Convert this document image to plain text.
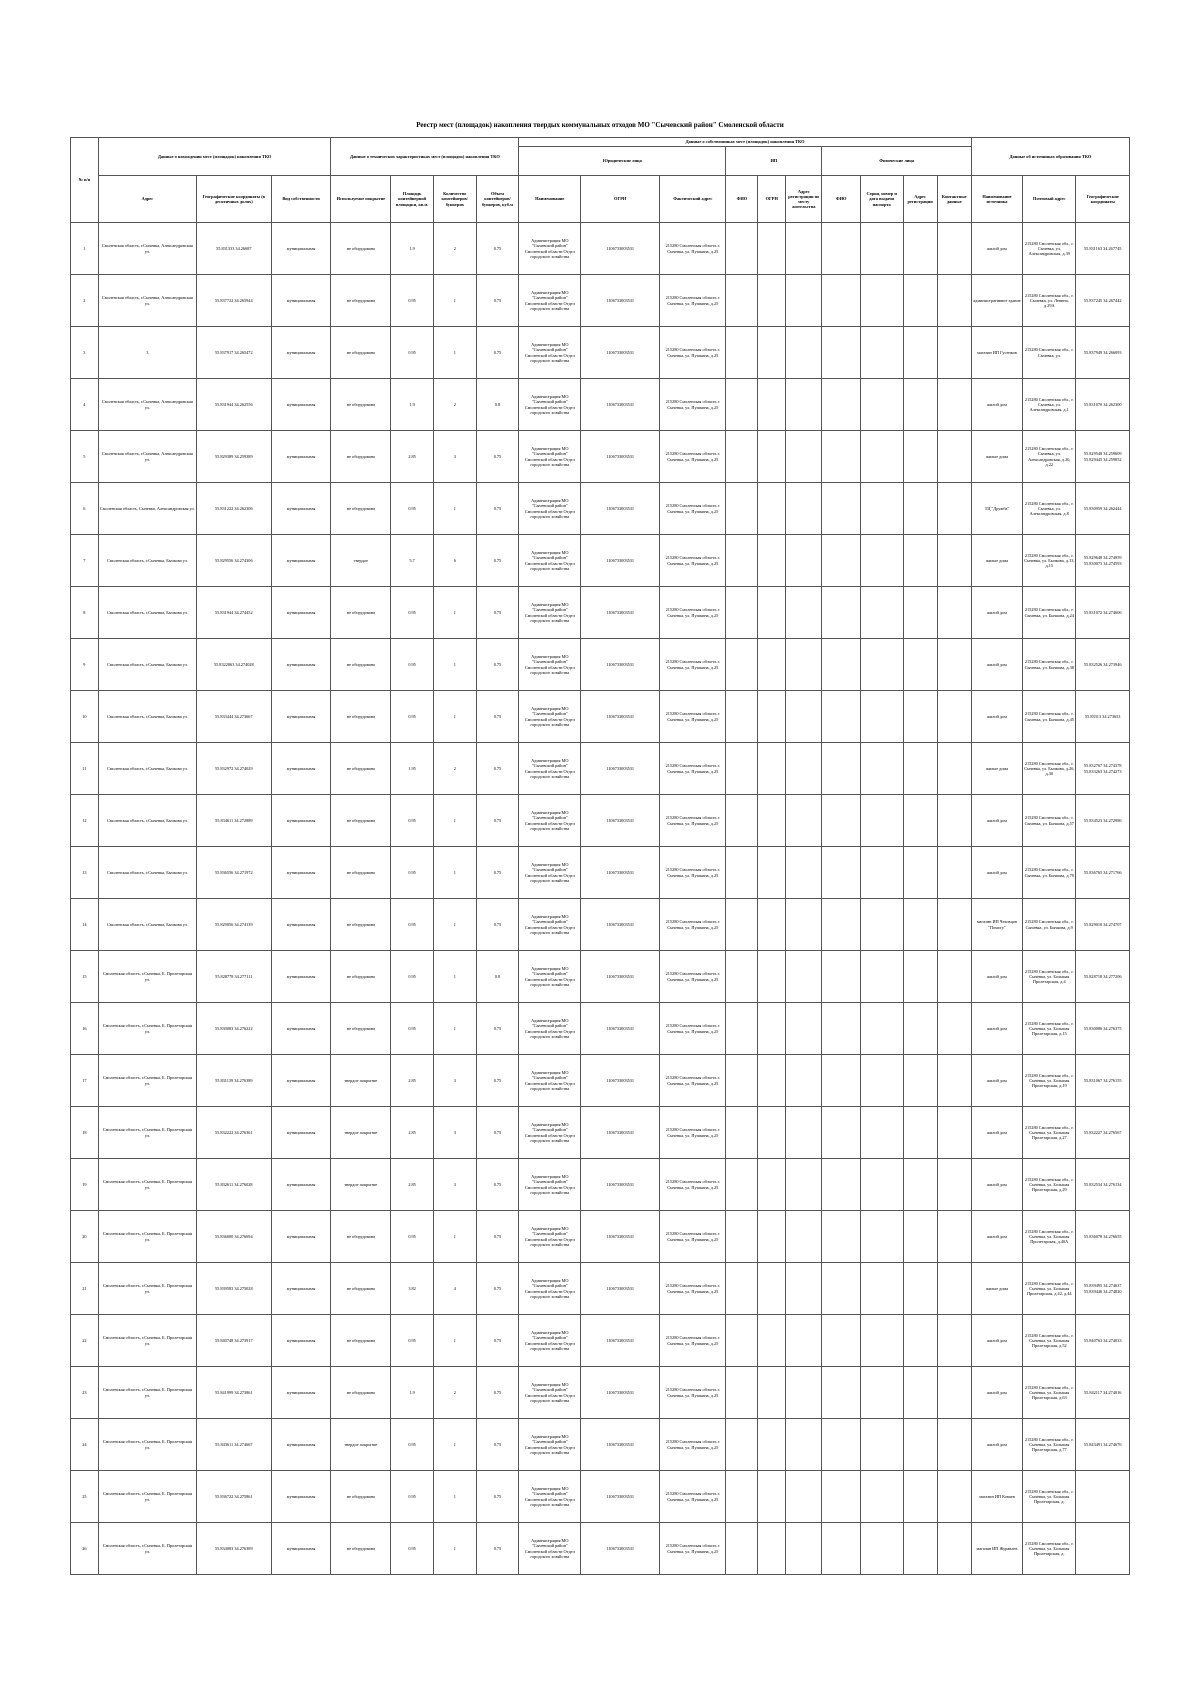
Реестр мест (площадок) накопления твердых коммунальных отходов МО "Сычевский район" Смоленской области
№ п/п	Данные о нахождении мест (площадок) накопления ТКО			Данные о технических характеристиках мест (площадок) накопления ТКО				Данные о собственниках мест (площадок) накопления ТКО										Данные об источниках образования ТКО		
								Юридические лица			ИП			Физические лица						
	Адрес	Географические координаты (в десятичных долях)	Вид собственности	Используемое покрытие	Площадь контейнерной площадки, кв.м.	Количество контейнеров/бункеров	Объем контейнеров/бункеров, куб.м	Наименование	ОГРН	Фактический адрес	ФИО	ОГРН	Адрес регистрации по месту жительства	ФИО	Серия, номер и дата выдачи паспорта	Адрес регистрации	Контактные данные	Наименование источника	Почтовый адрес	Географические координаты
1	Смоленская область, г.Сычевка, Александровская ул.	55.831333 34.26687	муниципальная	не оборудована	1.9	2	0.75	Администрация МО "Сычевский район" Смоленской области Отдел городского хозяйства	1106733003531	215280 Смоленская область г. Сычевка, ул. Пушкина, д.25								жилой дом	215280 Смоленская обл., г. Сычевка, ул. Александровская, д.39	55.831163 34.267745
2	Смоленская область, г.Сычевка, Александровская ул.	55.837722 34.265944	муниципальная	не оборудована	0.95	1	0.75	Администрация МО "Сычевский район" Смоленской области Отдел городского хозяйства	1106733003531	215280 Смоленская область г. Сычевка, ул. Пушкина, д.25								административное здание	215280 Смоленская обл., г. Сычевка, ул. Ленина, д.29А	55.837245 34.267442
3	3	55.837917 34.265472	муниципальная	не оборудована	0.95	1	0.75	Администрация МО "Сычевский район" Смоленской области Отдел городского хозяйства	1106733003531	215280 Смоленская область г. Сычевка, ул. Пушкина, д.25								магазин ИП Гусенков	215280 Смоленская обл., г. Сычевка, ул.	55.837949 34.266093
4	Смоленская область, г.Сычевка, Александровская ул.	55.831944 34.262556	муниципальная	не оборудована	1.9	2	0.8	Администрация МО "Сычевский район" Смоленской области Отдел городского хозяйства	1106733003531	215280 Смоленская область г. Сычевка, ул. Пушкина, д.25								жилой дом	215280 Смоленская обл., г. Сычевка, ул. Александровская, д.1	55.831070 34.262300
5	Смоленская область, г.Сычевка, Александровская ул.	55.829389 34.259389	муниципальная	не оборудована	2.85	3	0.75	Администрация МО "Сычевский район" Смоленской области Отдел городского хозяйства	1106733003531	215280 Смоленская область г. Сычевка, ул. Пушкина, д.25								жилые дома	215280 Смоленская обл., г. Сычевка, ул. Александровская, д.20, д.22	55.829548 34.259609 55.829445 34.259852
6	Смоленская область, Сычевка, Александровская ул.	55.831222 34.262306	муниципальная	не оборудована	0.95	1	0.75	Администрация МО "Сычевский район" Смоленской области Отдел городского хозяйства	1106733003531	215280 Смоленская область г. Сычевка, ул. Пушкина, д.25								ТЦ "Дружба"	215280 Смоленская обл., г. Сычевка, ул. Александровская, д.8	55.830959 34.262444
7	Смоленская область, г.Сычевка, Бычкова ул.	55.829556 34.274306	муниципальная	твердое	5.7	6	0.75	Администрация МО "Сычевский район" Смоленской области Отдел городского хозяйства	1106733003531	215280 Смоленская область г. Сычевка, ул. Пушкина, д.25								жилые дома	215280 Смоленская обл., г. Сычевка, ул. Бычкова, д.13, д.15	55.829648 34.274959 55.830073 34.274593
8	Смоленская область, г.Сычевка, Бычкова ул.	55.831944 34.274452	муниципальная	не оборудована	0.95	1	0.75	Администрация МО "Сычевский район" Смоленской области Отдел городского хозяйства	1106733003531	215280 Смоленская область г. Сычевка, ул. Пушкина, д.25								жилой дом	215280 Смоленская обл., г. Сычевка, ул. Бычкова, д.24	55.831072 34.274606
9	Смоленская область, г.Сычевка, Бычкова ул.	55.8322063 34.274028	муниципальная	не оборудована	0.95	1	0.75	Администрация МО "Сычевский район" Смоленской области Отдел городского хозяйства	1106733003531	215280 Смоленская область г. Сычевка, ул. Пушкина, д.25								жилой дом	215280 Смоленская обл., г. Сычевка, ул. Бычкова, д.38	55.832526 34.273946
10	Смоленская область, г.Сычевка, Бычкова ул.	55.833444 34.273667	муниципальная	не оборудована	0.95	1	0.75	Администрация МО "Сычевский район" Смоленской области Отдел городского хозяйства	1106733003531	215280 Смоленская область г. Сычевка, ул. Пушкина, д.25								жилой дом	215280 Смоленская обл., г. Сычевка, ул. Бычкова, д.45	55.83313 34.273653
11	Смоленская область, г.Сычевка, Бычкова ул.	55.832972 34.274029	муниципальная	не оборудована	1.95	2	0.75	Администрация МО "Сычевский район" Смоленской области Отдел городского хозяйства	1106733003531	215280 Смоленская область г. Сычевка, ул. Пушкина, д.25								жилые дома	215280 Смоленская обл., г. Сычевка, ул. Бычкова, д.26, д.30	55.832767 34.274378 55.833263 34.274273
12	Смоленская область, г.Сычевка, Бычкова ул.	55.834611 34.272889	муниципальная	не оборудована	0.95	1	0.75	Администрация МО "Сычевский район" Смоленской области Отдел городского хозяйства	1106733003531	215280 Смоленская область г. Сычевка, ул. Пушкина, д.25								жилой дом	215280 Смоленская обл., г. Сычевка, ул. Бычкова, д.57	55.834523 34.272986
13	Смоленская область, г.Сычевка, Бычкова ул.	55.836556 34.271972	муниципальная	не оборудована	0.95	1	0.75	Администрация МО "Сычевский район" Смоленской области Отдел городского хозяйства	1106733003531	215280 Смоленская область г. Сычевка, ул. Пушкина, д.25								жилой дом	215280 Смоленская обл., г. Сычевка, ул. Бычкова, д.79	55.836765 34.271766
14	Смоленская область, г.Сычевка, Бычкова ул.	55.829056 34.274139	муниципальная	не оборудована	0.95	1	0.75	Администрация МО "Сычевский район" Смоленской области Отдел городского хозяйства	1106733003531	215280 Смоленская область г. Сычевка, ул. Пушкина, д.25								магазин ИП Чеховцов "Помогу"	215280 Смоленская обл., г. Сычевка, ул. Бычкова, д.9	55.829010 34.274707
15	Смоленская область, г.Сычевка, Б. Пролетарская ул.	55.828778 34.277111	муниципальная	не оборудована	0.95	1	0.8	Администрация МО "Сычевский район" Смоленской области Отдел городского хозяйства	1106733003531	215280 Смоленская область г. Сычевка, ул. Пушкина, д.25								жилой дом	215280 Смоленская обл., г. Сычевка, ул. Большая Пролетарская, д.4	55.828718 34.277206
16	Смоленская область, г.Сычевка, Б. Пролетарская ул.	55.830083 34.276222	муниципальная	не оборудована	0.95	1	0.75	Администрация МО "Сычевский район" Смоленской области Отдел городского хозяйства	1106733003531	215280 Смоленская область г. Сычевка, ул. Пушкина, д.25								жилой дом	215280 Смоленская обл., г. Сычевка, ул. Большая Пролетарская, д.15	55.830086 34.276375
17	Смоленская область, г.Сычевка, Б. Пролетарская ул.	55.831139 34.276389	муниципальная	твердое покрытие	2.85	3	0.75	Администрация МО "Сычевский район" Смоленской области Отдел городского хозяйства	1106733003531	215280 Смоленская область г. Сычевка, ул. Пушкина, д.25								жилой дом	215280 Смоленская обл., г. Сычевка, ул. Большая Пролетарская, д.19	55.831067 34.276155
18	Смоленская область, г.Сычевка, Б. Пролетарская ул.	55.832222 34.276361	муниципальная	твердое покрытие	2.85	3	0.75	Администрация МО "Сычевский район" Смоленской области Отдел городского хозяйства	1106733003531	215280 Смоленская область г. Сычевка, ул. Пушкина, д.25								жилой дом	215280 Смоленская обл., г. Сычевка, ул. Большая Пролетарская, д.27	55.832227 34.276567
19	Смоленская область, г.Сычевка, Б. Пролетарская ул.	55.832611 34.276028	муниципальная	твердое покрытие	2.85	3	0.75	Администрация МО "Сычевский район" Смоленской области Отдел городского хозяйства	1106733003531	215280 Смоленская область г. Сычевка, ул. Пушкина, д.25								жилой дом	215280 Смоленская обл., г. Сычевка, ул. Большая Пролетарская, д.29	55.832534 34.276134
20	Смоленская область, г.Сычевка, Б. Пролетарская ул.	55.836000 34.276694	муниципальная	не оборудована	0.95	1	0.75	Администрация МО "Сычевский район" Смоленской области Отдел городского хозяйства	1106733003531	215280 Смоленская область г. Сычевка, ул. Пушкина, д.25								жилой дом	215280 Смоленская обл., г. Сычевка, ул. Большая Пролетарская, д.40А	55.836078 34.276655
21	Смоленская область, г.Сычевка, Б. Пролетарская ул.	55.839583 34.275028	муниципальная	не оборудована	3.82	4	0.75	Администрация МО "Сычевский район" Смоленской области Отдел городского хозяйства	1106733003531	215280 Смоленская область г. Сычевка, ул. Пушкина, д.25								жилые дома	215280 Смоленская обл., г. Сычевка, ул. Большая Пролетарская, д.42, д.44	55.839495 34.274637 55.839446 34.274820
22	Смоленская область, г.Сычевка, Б. Пролетарская ул.	55.840748 34.273917	муниципальная	не оборудована	0.95	1	0.75	Администрация МО "Сычевский район" Смоленской области Отдел городского хозяйства	1106733003531	215280 Смоленская область г. Сычевка, ул. Пушкина, д.25								жилой дом	215280 Смоленская обл., г. Сычевка, ул. Большая Пролетарская, д.52	55.840763 34.274033
23	Смоленская область, г.Сычевка, Б. Пролетарская ул.	55.841999 34.273861	муниципальная	не оборудована	1.9	2	0.75	Администрация МО "Сычевский район" Смоленской области Отдел городского хозяйства	1106733003531	215280 Смоленская область г. Сычевка, ул. Пушкина, д.25								жилой дом	215280 Смоленская обл., г. Сычевка, ул. Большая Пролетарская, д.63	55.842117 34.274016
24	Смоленская область, г.Сычевка, Б. Пролетарская ул.	55.843611 34.274667	муниципальная	твердое покрытие	0.95	1	0.75	Администрация МО "Сычевский район" Смоленской области Отдел городского хозяйства	1106733003531	215280 Смоленская область г. Сычевка, ул. Пушкина, д.25								жилой дом	215280 Смоленская обл., г. Сычевка, ул. Большая Пролетарская, д.77	55.843491 34.274676
25	Смоленская область, г.Сычевка, Б. Пролетарская ул.	55.836722 34.275861	муниципальная	не оборудована	0.95	1	0.75	Администрация МО "Сычевский район" Смоленской области Отдел городского хозяйства	1106733003531	215280 Смоленская область г. Сычевка, ул. Пушкина, д.25								магазин ИП Коваев	215280 Смоленская обл., г. Сычевка, ул. Большая Пролетарская, д.	
26	Смоленская область, г.Сычевка, Б. Пролетарская ул.	55.834083 34.276389	муниципальная	не оборудована	0.95	1	0.75	Администрация МО "Сычевский район" Смоленской области Отдел городского хозяйства	1106733003531	215280 Смоленская область г. Сычевка, ул. Пушкина, д.25								магазин ИП Журавлев	215280 Смоленская обл., г. Сычевка, ул. Большая Пролетарская, д.	
